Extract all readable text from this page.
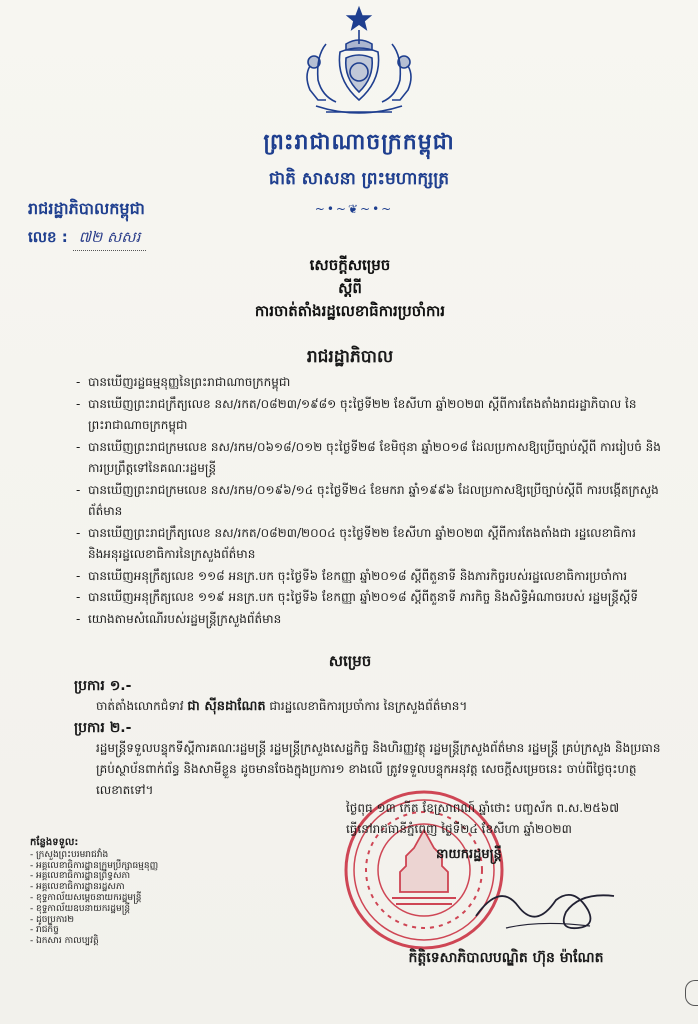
ព្រះរាជាណាចក្រកម្ពុជា
ជាតិ សាសនា ព្រះមហាក្សត្រ
~•~❦~•~
រាជរដ្ឋាភិបាលកម្ពុជា
លេខ : ៧២ សសរ
សេចក្តីសម្រេច
ស្តីពី
ការចាត់តាំងរដ្ឋលេខាធិការប្រចាំការ
រាជរដ្ឋាភិបាល
- បានឃើញរដ្ឋធម្មនុញ្ញនៃព្រះរាជាណាចក្រកម្ពុជា
- បានឃើញព្រះរាជក្រឹត្យលេខ នស/រកត/០៨២៣/១៩៨១ ចុះថ្ងៃទី២២ ខែសីហា ឆ្នាំ២០២៣ ស្តីពីការតែងតាំងរាជរដ្ឋាភិបាល នៃព្រះរាជាណាចក្រកម្ពុជា
- បានឃើញព្រះរាជក្រមលេខ នស/រកម/០៦១៨/០១២ ចុះថ្ងៃទី២៨ ខែមិថុនា ឆ្នាំ២០១៨ ដែលប្រកាសឱ្យប្រើច្បាប់ស្តីពី ការរៀបចំ និងការប្រព្រឹត្តទៅនៃគណៈរដ្ឋមន្ត្រី
- បានឃើញព្រះរាជក្រមលេខ នស/រកម/០១៩៦/១៤ ចុះថ្ងៃទី២៤ ខែមករា ឆ្នាំ១៩៩៦ ដែលប្រកាសឱ្យប្រើច្បាប់ស្តីពី ការបង្កើតក្រសួងព័ត៌មាន
- បានឃើញព្រះរាជក្រឹត្យលេខ នស/រកត/០៨២៣/២០០៤ ចុះថ្ងៃទី២២ ខែសីហា ឆ្នាំ២០២៣ ស្តីពីការតែងតាំងជា រដ្ឋលេខាធិការ និងអនុរដ្ឋលេខាធិការនៃក្រសួងព័ត៌មាន
- បានឃើញអនុក្រឹត្យលេខ ១១៨ អនក្រ.បក ចុះថ្ងៃទី៦ ខែកញ្ញា ឆ្នាំ២០១៨ ស្តីពីតួនាទី និងភារកិច្ចរបស់រដ្ឋលេខាធិការប្រចាំការ
- បានឃើញអនុក្រឹត្យលេខ ១១៩ អនក្រ.បក ចុះថ្ងៃទី៦ ខែកញ្ញា ឆ្នាំ២០១៨ ស្តីពីតួនាទី ភារកិច្ច និងសិទ្ធិអំណាចរបស់ រដ្ឋមន្ត្រីស្តីទី
- យោងតាមសំណើរបស់រដ្ឋមន្ត្រីក្រសួងព័ត៌មាន
សម្រេច
ប្រការ ១.-
ចាត់តាំងលោកជំទាវ ជា ស៊ីនដាណែត ជារដ្ឋលេខាធិការប្រចាំការ នៃក្រសួងព័ត៌មាន។
ប្រការ ២.-
រដ្ឋមន្ត្រីទទួលបន្ទុកទីស្តីការគណៈរដ្ឋមន្ត្រី រដ្ឋមន្ត្រីក្រសួងសេដ្ឋកិច្ច និងហិរញ្ញវត្ថុ រដ្ឋមន្ត្រីក្រសួងព័ត៌មាន រដ្ឋមន្ត្រី គ្រប់ក្រសួង និងប្រធានគ្រប់ស្ថាប័នពាក់ព័ន្ធ និងសាមីខ្លួន ដូចមានចែងក្នុងប្រការ១ ខាងលើ ត្រូវទទួលបន្ទុកអនុវត្ត សេចក្តីសម្រេចនេះ ចាប់ពីថ្ងៃចុះហត្ថលេខាតទៅ។
ថ្ងៃពុធ ១៣ កើត ខែស្រាពណ៍ ឆ្នាំថោះ បញ្ចស័ក ព.ស.២៥៦៧
ធ្វើនៅរាជធានីភ្នំពេញ ថ្ងៃទី២៤ ខែសីហា ឆ្នាំ២០២៣
នាយករដ្ឋមន្ត្រី
កិត្តិទេសាភិបាលបណ្ឌិត ហ៊ុន ម៉ាណែត
កន្លែងទទួល:
- ក្រសួងព្រះបរមរាជវាំង
- អគ្គលេខាធិការដ្ឋានក្រុមប្រឹក្សាធម្មនុញ្ញ
- អគ្គលេខាធិការដ្ឋានព្រឹទ្ធសភា
- អគ្គលេខាធិការដ្ឋានរដ្ឋសភា
- ខុទ្ទកាល័យសម្តេចនាយករដ្ឋមន្ត្រី
- ខុទ្ទកាល័យឧបនាយករដ្ឋមន្ត្រី
- ដូចប្រការ២
- រាជកិច្ច
- ឯកសារ កាលប្បវត្តិ
